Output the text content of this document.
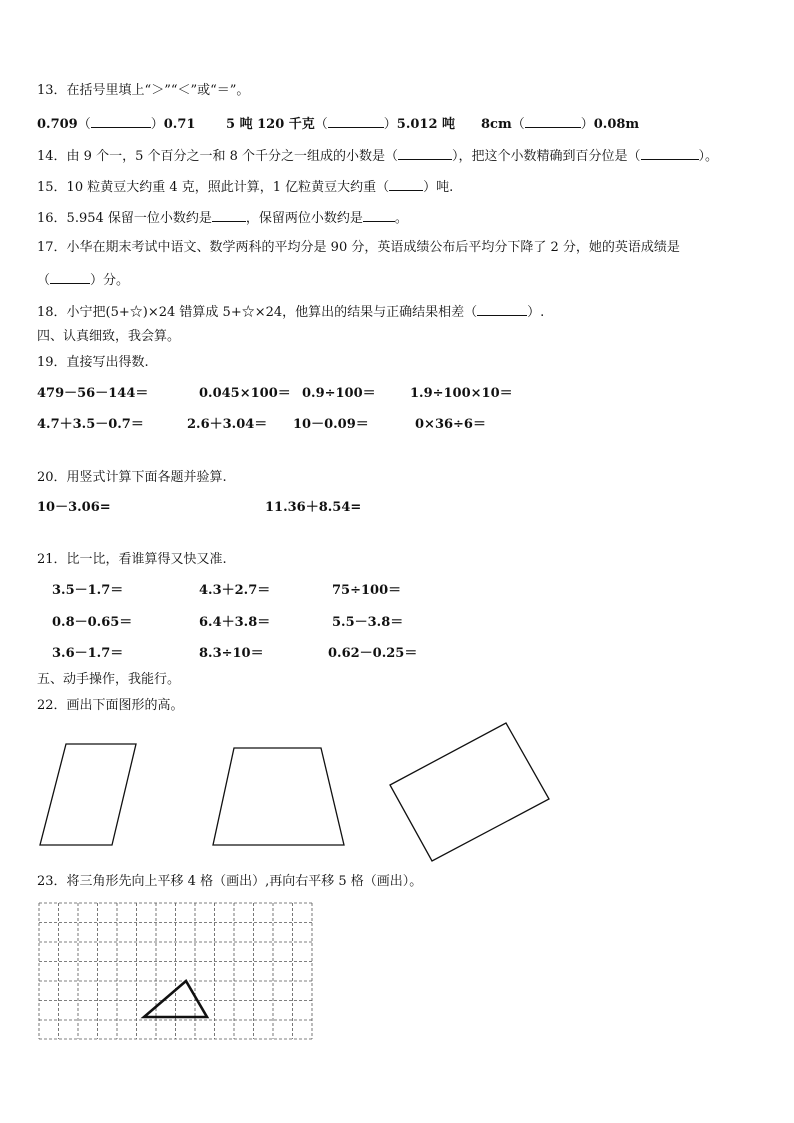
13．在括号里填上“＞”“＜”或“＝”。
0.709（	）0.71 5 吨 120 千克（	）5.012 吨 8cm（	）0.08m
14．由 9 个一，5 个百分之一和 8 个千分之一组成的小数是（	），把这个小数精确到百分位是（	）。
15．10 粒黄豆大约重 4 克，照此计算，1 亿粒黄豆大约重（	）吨.
16．5.954 保留一位小数约是	，保留两位小数约是 。
17．小华在期末考试中语文、数学两科的平均分是 90 分，英语成绩公布后平均分下降了 2 分，她的英语成绩是
（	）分。
18．小宁把(5+☆)×24 错算成 5+☆×24，他算出的结果与正确结果相差（	）.
四、认真细致，我会算。
19．直接写出得数.
479－56－144＝	0.045×100＝ 0.9÷100＝	1.9÷100×10＝
4.7＋3.5－0.7＝	2.6＋3.04＝ 10－0.09＝	0×36÷6＝
20．用竖式计算下面各题并验算.
10－3.06=	11.36＋8.54=
21．比一比，看谁算得又快又准.
3.5－1.7＝	4.3＋2.7＝	75÷100＝
0.8－0.65＝	6.4＋3.8＝	5.5－3.8＝
3.6－1.7＝	8.3÷10＝	0.62－0.25＝
五、动手操作，我能行。
22．画出下面图形的高。
23．将三角形先向上平移 4 格（画出）,再向右平移 5 格（画出）。
